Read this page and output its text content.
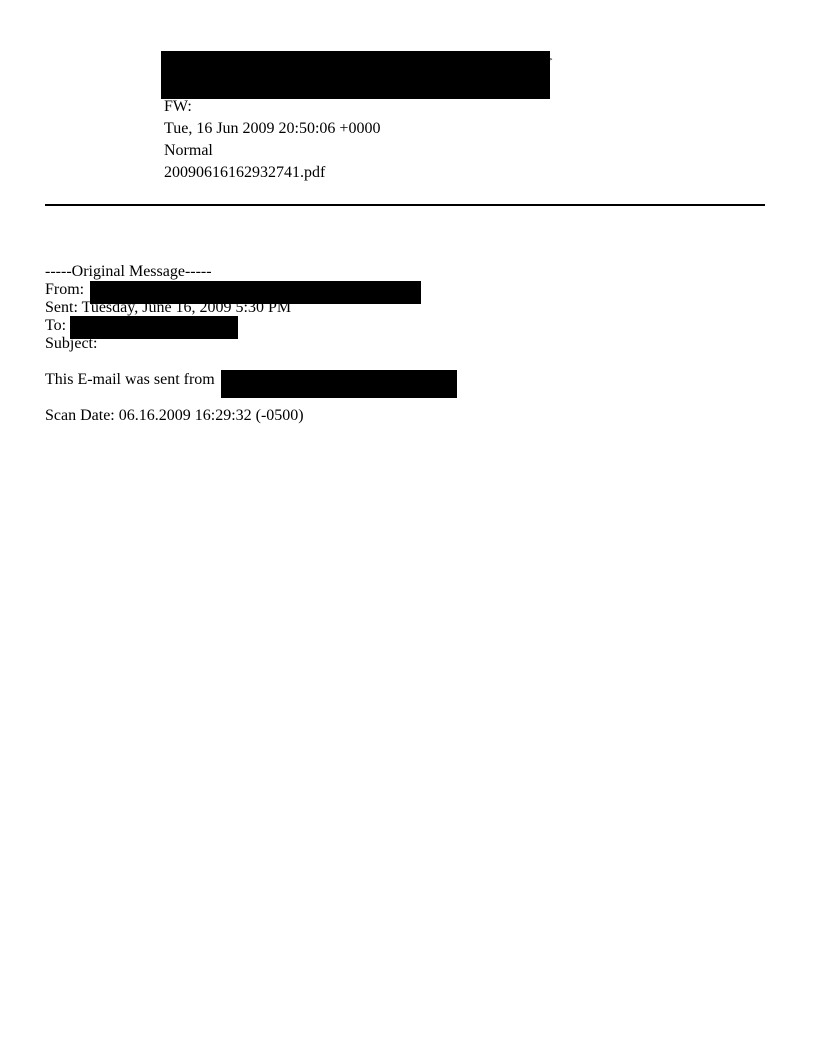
>
FW:
Tue, 16 Jun 2009 20:50:06 +0000
Normal
20090616162932741.pdf
-----Original Message-----
From:
Sent: Tuesday, June 16, 2009 5:30 PM
To:
Subject:
This E-mail was sent from
Scan Date: 06.16.2009 16:29:32 (-0500)
